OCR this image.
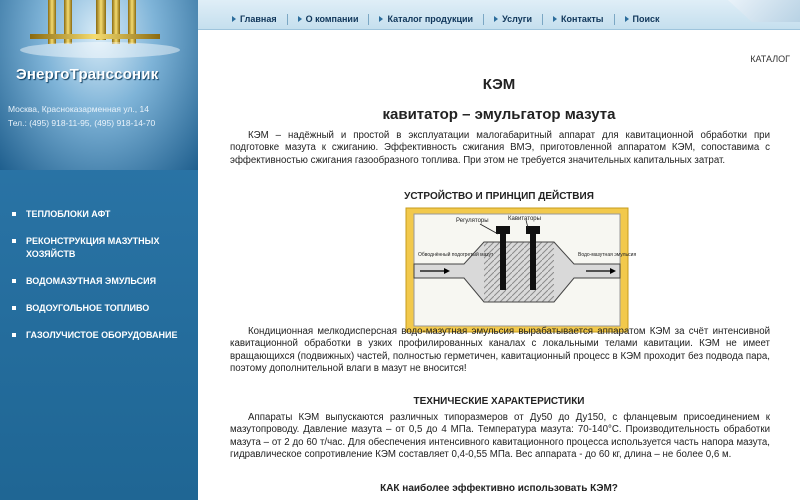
ЭнергоТранссоник
Москва, Красноказарменная ул., 14
Тел.: (495) 918-11-95, (495) 918-14-70
ТЕПЛОБЛОКИ АФТ
РЕКОНСТРУКЦИЯ МАЗУТНЫХ ХОЗЯЙСТВ
ВОДОМАЗУТНАЯ ЭМУЛЬСИЯ
ВОДОУГОЛЬНОЕ ТОПЛИВО
ГАЗОЛУЧИСТОЕ ОБОРУДОВАНИЕ
Главная	О компании	Каталог продукции	Услуги	Контакты	Поиск
КАТАЛОГ
КЭМ
кавитатор – эмульгатор мазута

КЭМ – надёжный и простой в эксплуатации малогабаритный аппарат для кавитационной обработки при подготовке мазута к сжиганию. Эффективность сжигания ВМЭ, приготовленной аппаратом КЭМ, сопоставима с эффективностью сжигания газообразного топлива. При этом не требуется значительных капитальных затрат.

УСТРОЙСТВО И ПРИНЦИП ДЕЙСТВИЯ
Регуляторы	Кавитаторы
Обводнённый подогретый мазут	Водо-мазутная эмульсия

Кондиционная мелкодисперсная водо-мазутная эмульсия вырабатывается аппаратом КЭМ за счёт интенсивной кавитационной обработки в узких профилированных каналах с локальными телами кавитации. КЭМ не имеет вращающихся (подвижных) частей, полностью герметичен, кавитационный процесс в КЭМ проходит без подвода пара, поэтому дополнительной влаги в мазут не вносится!

ТЕХНИЧЕСКИЕ ХАРАКТЕРИСТИКИ

Аппараты КЭМ выпускаются различных типоразмеров от Ду50 до Ду150, с фланцевым присоединением к мазутопроводу. Давление мазута – от 0,5 до 4 МПа. Температура мазута: 70-140°С. Производительность обработки мазута – от 2 до 60 т/час. Для обеспечения интенсивного кавитационного процесса используется часть напора мазута, гидравлическое сопротивление КЭМ составляет 0,4-0,55 МПа. Вес аппарата - до 60 кг, длина – не более 0,6 м.

КАК наиболее эффективно использовать КЭМ?
